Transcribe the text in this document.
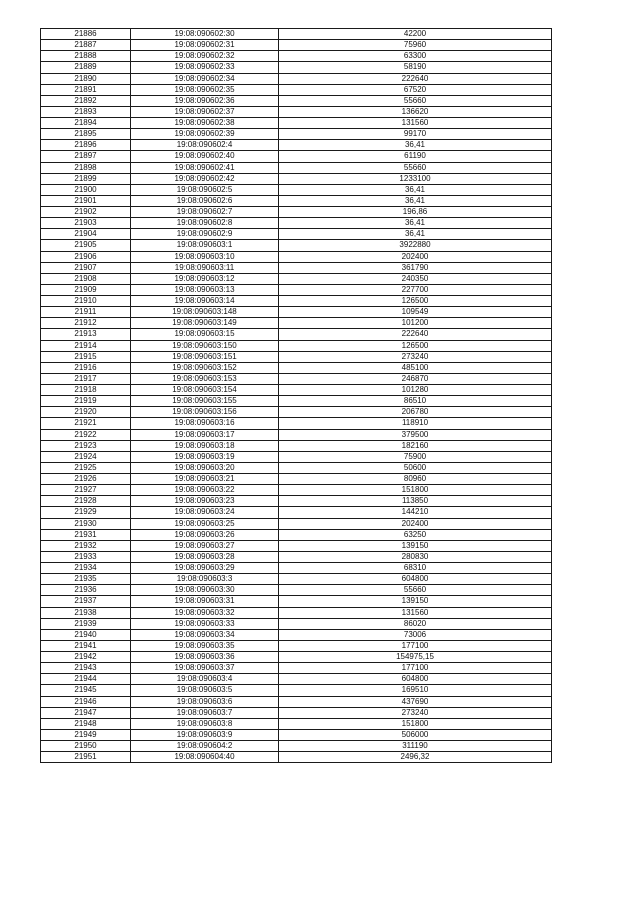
21886	19:08:090602:30	42200
21887	19:08:090602:31	75960
21888	19:08:090602:32	63300
21889	19:08:090602:33	58190
21890	19:08:090602:34	222640
21891	19:08:090602:35	67520
21892	19:08:090602:36	55660
21893	19:08:090602:37	136620
21894	19:08:090602:38	131560
21895	19:08:090602:39	99170
21896	19:08:090602:4	36,41
21897	19:08:090602:40	61190
21898	19:08:090602:41	55660
21899	19:08:090602:42	1233100
21900	19:08:090602:5	36,41
21901	19:08:090602:6	36,41
21902	19:08:090602:7	196,86
21903	19:08:090602:8	36,41
21904	19:08:090602:9	36,41
21905	19:08:090603:1	3922880
21906	19:08:090603:10	202400
21907	19:08:090603:11	361790
21908	19:08:090603:12	240350
21909	19:08:090603:13	227700
21910	19:08:090603:14	126500
21911	19:08:090603:148	109549
21912	19:08:090603:149	101200
21913	19:08:090603:15	222640
21914	19:08:090603:150	126500
21915	19:08:090603:151	273240
21916	19:08:090603:152	485100
21917	19:08:090603:153	246870
21918	19:08:090603:154	101280
21919	19:08:090603:155	86510
21920	19:08:090603:156	206780
21921	19:08:090603:16	118910
21922	19:08:090603:17	379500
21923	19:08:090603:18	182160
21924	19:08:090603:19	75900
21925	19:08:090603:20	50600
21926	19:08:090603:21	80960
21927	19:08:090603:22	151800
21928	19:08:090603:23	113850
21929	19:08:090603:24	144210
21930	19:08:090603:25	202400
21931	19:08:090603:26	63250
21932	19:08:090603:27	139150
21933	19:08:090603:28	280830
21934	19:08:090603:29	68310
21935	19:08:090603:3	604800
21936	19:08:090603:30	55660
21937	19:08:090603:31	139150
21938	19:08:090603:32	131560
21939	19:08:090603:33	86020
21940	19:08:090603:34	73006
21941	19:08:090603:35	177100
21942	19:08:090603:36	154975,15
21943	19:08:090603:37	177100
21944	19:08:090603:4	604800
21945	19:08:090603:5	169510
21946	19:08:090603:6	437690
21947	19:08:090603:7	273240
21948	19:08:090603:8	151800
21949	19:08:090603:9	506000
21950	19:08:090604:2	311190
21951	19:08:090604:40	2496,32
